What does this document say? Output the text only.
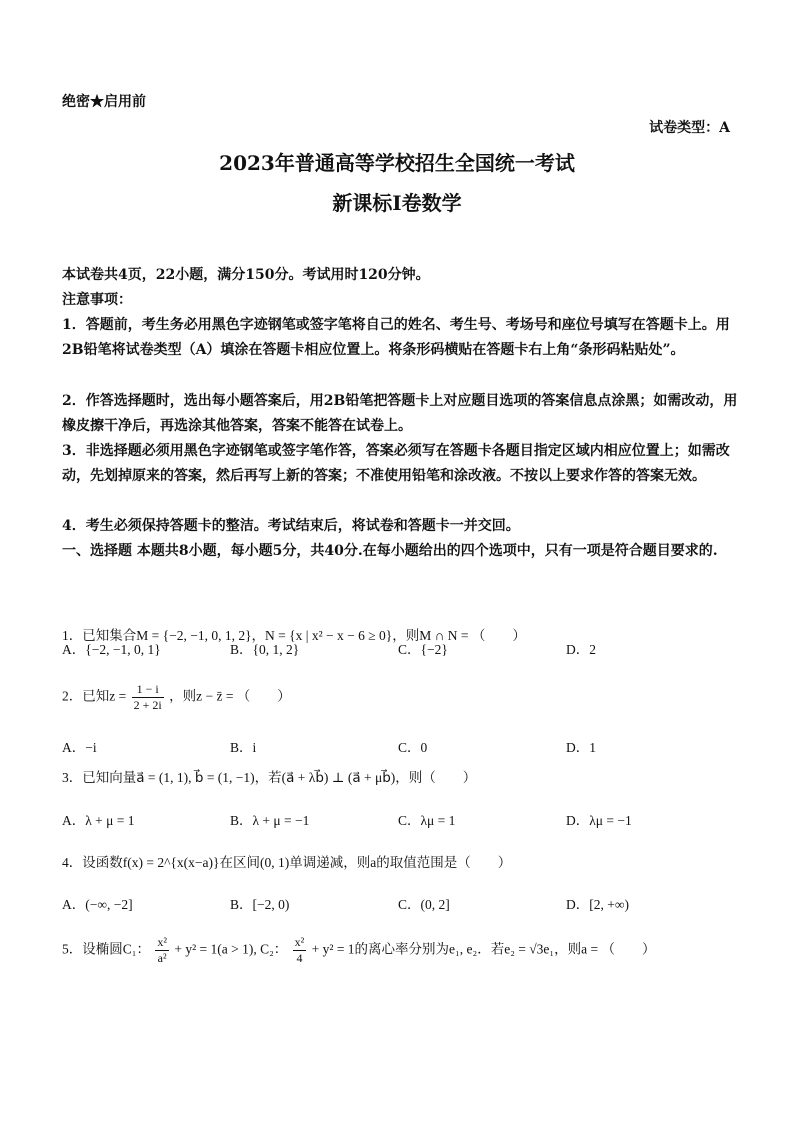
绝密★启用前
试卷类型：A
2023年普通高等学校招生全国统一考试
新课标Ⅰ卷数学
本试卷共4页，22小题，满分150分。考试用时120分钟。
注意事项：
1．答题前，考生务必用黑色字迹钢笔或签字笔将自己的姓名、考生号、考场号和座位号填写在答题卡上。用2B铅笔将试卷类型（A）填涂在答题卡相应位置上。将条形码横贴在答题卡右上角“条形码粘贴处”。
2．作答选择题时，选出每小题答案后，用2B铅笔把答题卡上对应题目选项的答案信息点涂黑；如需改动，用橡皮擦干净后，再选涂其他答案，答案不能答在试卷上。
3．非选择题必须用黑色字迹钢笔或签字笔作答，答案必须写在答题卡各题目指定区域内相应位置上；如需改动，先划掉原来的答案，然后再写上新的答案；不准使用铅笔和涂改液。不按以上要求作答的答案无效。
4．考生必须保持答题卡的整洁。考试结束后，将试卷和答题卡一并交回。
一、选择题 本题共8小题，每小题5分，共40分.在每小题给出的四个选项中，只有一项是符合题目要求的.
1．已知集合M = {−2, −1, 0, 1, 2}，N = {x | x² − x − 6 ≥ 0}，则M ∩ N = （　　）
A．{−2, −1, 0, 1}	B．{0, 1, 2}	C．{−2}	D．2
2．已知$z = \frac{1 - i}{2 + 2i}$ ，则z − z̄ = （　　）
A．−i	B．i	C．0	D．1
3．已知向量a⃗ = (1, 1), b⃗ = (1, −1)，若(a⃗ + λb⃗) ⊥ (a⃗ + μb⃗)，则（　　）
A．λ + μ = 1	B．λ + μ = −1	C．λμ = 1	D．λμ = −1
4．设函数f(x) = 2^{x(x−a)}在区间(0, 1)单调递减，则a的取值范围是（　　）
A．(−∞, −2]	B．[−2, 0)	C．(0, 2]	D．[2, +∞)
5．设椭圆C₁： $\frac{\text{x²}}{\text{a²}} + y^2 = 1(a > 1)$, C₂： $\frac{\text{x²}}{4} + y^2 = 1$的离心率分别为e₁, e₂．若e₂ = √3e₁，则a = （　　）
